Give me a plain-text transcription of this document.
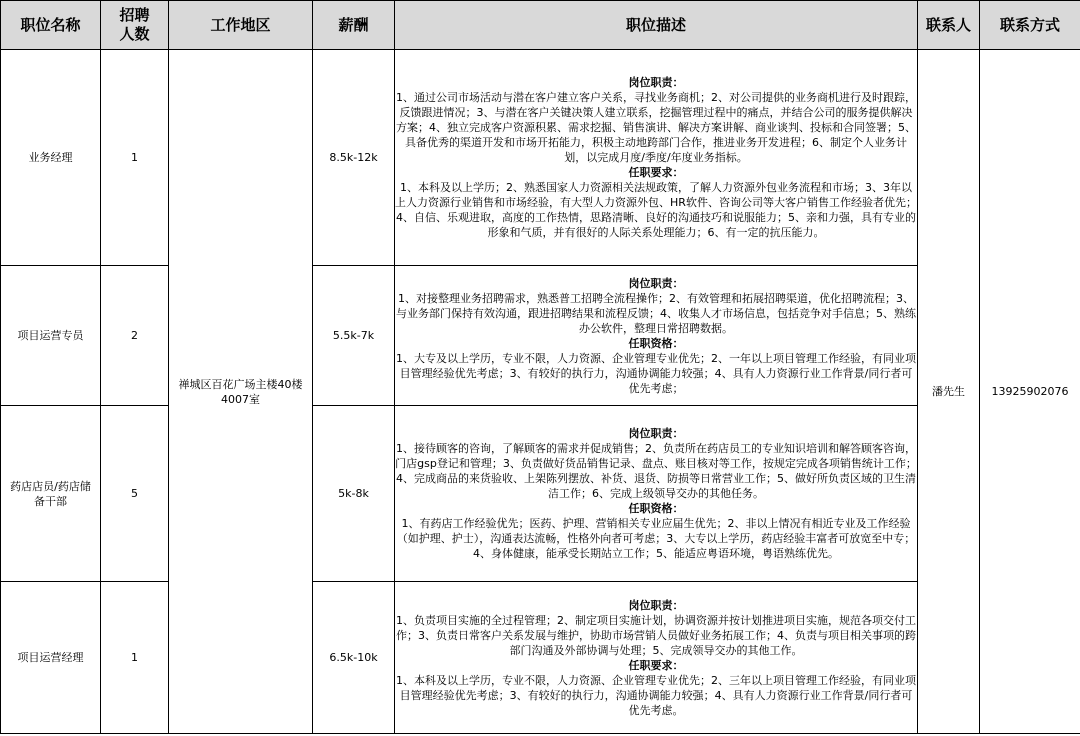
职位名称	招聘人数	工作地区	薪酬	职位描述	联系人	联系方式
业务经理	1	禅城区百花广场主楼40楼4007室	8.5k-12k	岗位职责：
1、通过公司市场活动与潜在客户建立客户关系，寻找业务商机；2、对公司提供的业务商机进行及时跟踪，反馈跟进情况；3、与潜在客户关键决策人建立联系，挖掘管理过程中的痛点，并结合公司的服务提供解决方案；4、独立完成客户资源积累、需求挖掘、销售演讲、解决方案讲解、商业谈判、投标和合同签署；5、具备优秀的渠道开发和市场开拓能力，积极主动地跨部门合作，推进业务开发进程；6、制定个人业务计划，以完成月度/季度/年度业务指标。
任职要求：
1、本科及以上学历；2、熟悉国家人力资源相关法规政策，了解人力资源外包业务流程和市场；3、3年以上人力资源行业销售和市场经验，有大型人力资源外包、HR软件、咨询公司等大客户销售工作经验者优先；4、自信、乐观进取，高度的工作热情，思路清晰、良好的沟通技巧和说服能力；5、亲和力强，具有专业的形象和气质，并有很好的人际关系处理能力；6、有一定的抗压能力。	潘先生	13925902076
项目运营专员	2		5.5k-7k	岗位职责：
1、对接整理业务招聘需求，熟悉普工招聘全流程操作；2、有效管理和拓展招聘渠道，优化招聘流程；3、与业务部门保持有效沟通，跟进招聘结果和流程反馈；4、收集人才市场信息，包括竞争对手信息；5、熟练办公软件，整理日常招聘数据。
任职资格：
1、大专及以上学历，专业不限，人力资源、企业管理专业优先；2、一年以上项目管理工作经验，有同业项目管理经验优先考虑；3、有较好的执行力，沟通协调能力较强；4、具有人力资源行业工作背景/同行者可优先考虑；		

药店店员/药店储备干部	5		5k-8k	岗位职责：
1、接待顾客的咨询，了解顾客的需求并促成销售；2、负责所在药店员工的专业知识培训和解答顾客咨询，门店gsp登记和管理；3、负责做好货品销售记录、盘点、账目核对等工作，按规定完成各项销售统计工作；4、完成商品的来货验收、上架陈列摆放、补货、退货、防损等日常营业工作；5、做好所负责区域的卫生清洁工作；6、完成上级领导交办的其他任务。
任职资格：
1、有药店工作经验优先；医药、护理、营销相关专业应届生优先；2、非以上情况有相近专业及工作经验（如护理、护士），沟通表达流畅，性格外向者可考虑；3、大专以上学历，药店经验丰富者可放宽至中专；4、身体健康，能承受长期站立工作；5、能适应粤语环境，粤语熟练优先。		

项目运营经理	1		6.5k-10k	岗位职责：
1、负责项目实施的全过程管理；2、制定项目实施计划，协调资源并按计划推进项目实施，规范各项交付工作；3、负责日常客户关系发展与维护，协助市场营销人员做好业务拓展工作；4、负责与项目相关事项的跨部门沟通及外部协调与处理；5、完成领导交办的其他工作。
任职要求：
1、本科及以上学历，专业不限，人力资源、企业管理专业优先；2、三年以上项目管理工作经验，有同业项目管理经验优先考虑；3、有较好的执行力，沟通协调能力较强；4、具有人力资源行业工作背景/同行者可优先考虑。		
